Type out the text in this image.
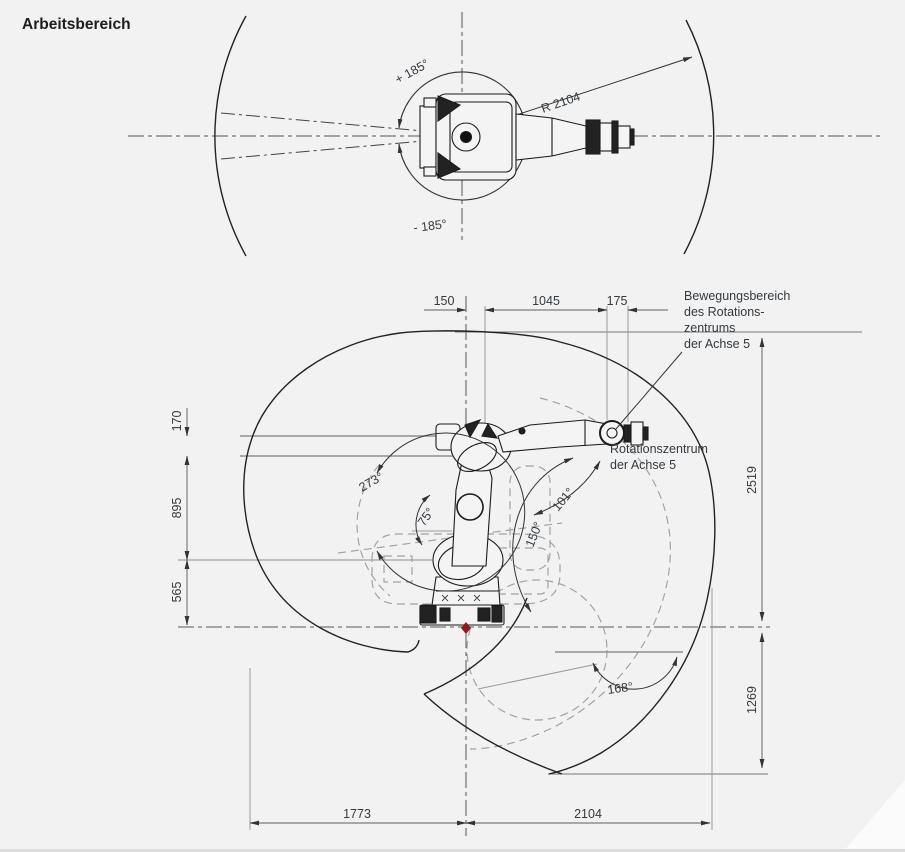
Arbeitsbereich
+ 185°
- 185°
R 2104
273°
75°
101°
150°
168°
150	1045	175
170
895
565
2519
1269
1773	2104
Bewegungsbereich
des Rotations-
zentrums
der Achse 5
Rotationszentrum
der Achse 5
